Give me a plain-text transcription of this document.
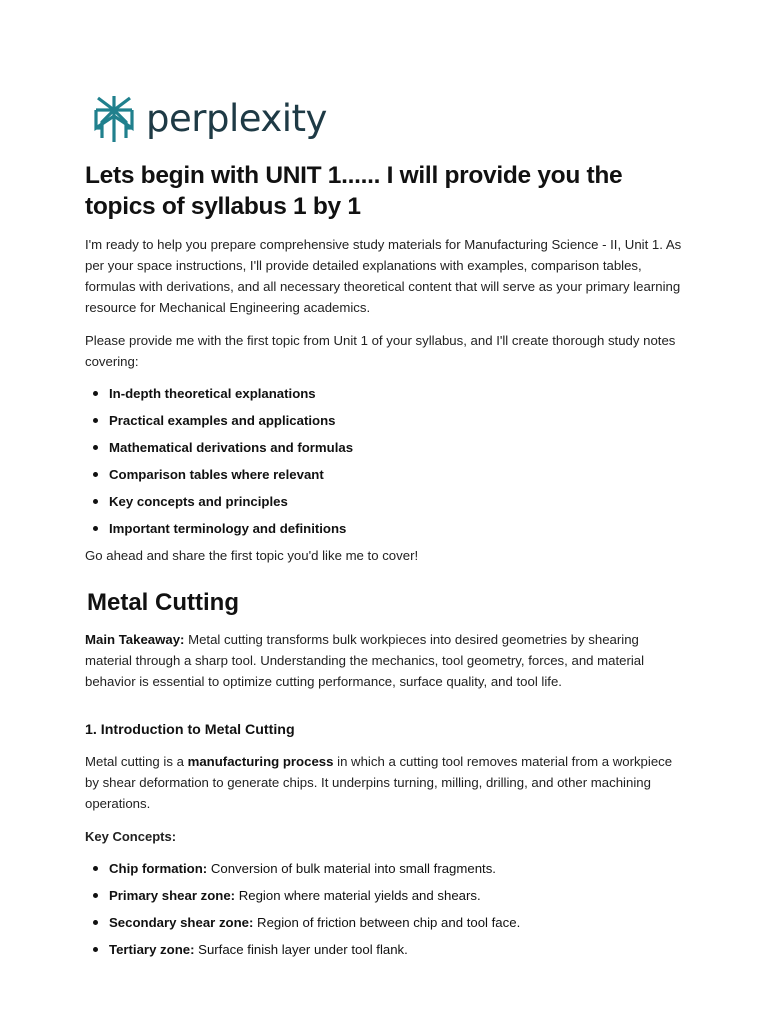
perplexity
Lets begin with UNIT 1...... I will provide you the topics of syllabus 1 by 1

I'm ready to help you prepare comprehensive study materials for Manufacturing Science - II, Unit 1. As per your space instructions, I'll provide detailed explanations with examples, comparison tables, formulas with derivations, and all necessary theoretical content that will serve as your primary learning resource for Mechanical Engineering academics.

Please provide me with the first topic from Unit 1 of your syllabus, and I'll create thorough study notes covering:

In-depth theoretical explanations
Practical examples and applications
Mathematical derivations and formulas
Comparison tables where relevant
Key concepts and principles
Important terminology and definitions

Go ahead and share the first topic you'd like me to cover!

Metal Cutting

Main Takeaway: Metal cutting transforms bulk workpieces into desired geometries by shearing material through a sharp tool. Understanding the mechanics, tool geometry, forces, and material behavior is essential to optimize cutting performance, surface quality, and tool life.

1. Introduction to Metal Cutting

Metal cutting is a manufacturing process in which a cutting tool removes material from a workpiece by shear deformation to generate chips. It underpins turning, milling, drilling, and other machining operations.

Key Concepts:

Chip formation: Conversion of bulk material into small fragments.
Primary shear zone: Region where material yields and shears.
Secondary shear zone: Region of friction between chip and tool face.
Tertiary zone: Surface finish layer under tool flank.
